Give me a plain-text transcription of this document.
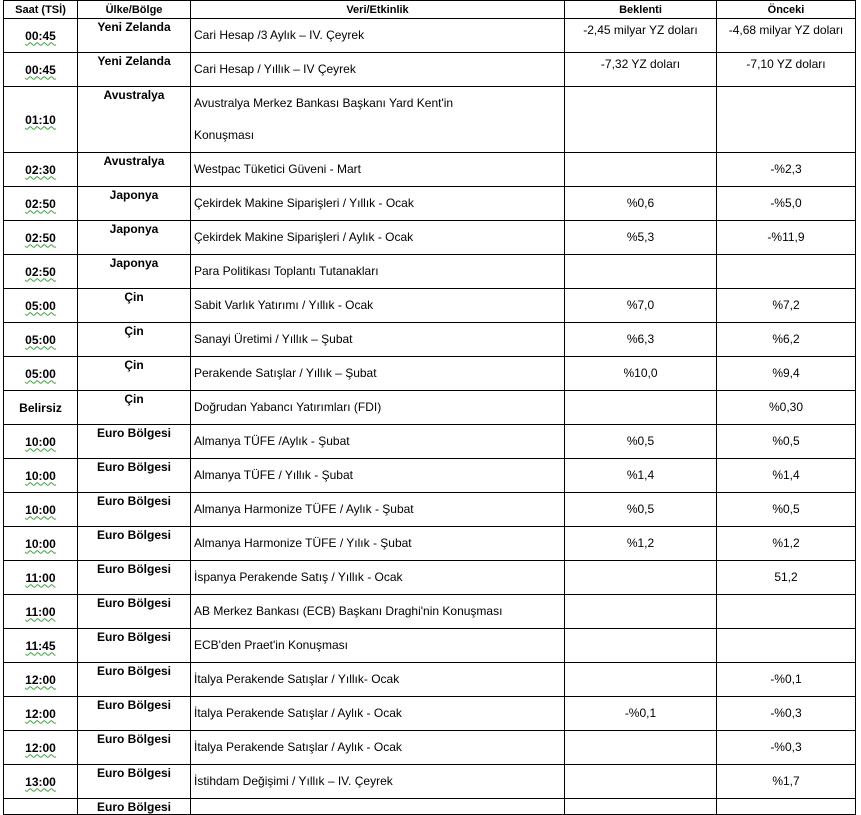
Saat (TSİ)	Ülke/Bölge	Veri/Etkinlik	Beklenti	Önceki
00:45	Yeni Zelanda	Cari Hesap /3 Aylık – IV. Çeyrek	-2,45 milyar YZ doları	-4,68 milyar YZ doları
00:45	Yeni Zelanda	Cari Hesap / Yıllık – IV Çeyrek	-7,32 YZ doları	-7,10 YZ doları
01:10	Avustralya	Avustralya Merkez Bankası Başkanı Yard Kent'in
Konuşması		

02:30	Avustralya	Westpac Tüketici Güveni - Mart		-%2,3
02:50	Japonya	Çekirdek Makine Siparişleri / Yıllık - Ocak	%0,6	-%5,0
02:50	Japonya	Çekirdek Makine Siparişleri / Aylık - Ocak	%5,3	-%11,9
02:50	Japonya	Para Politikası Toplantı Tutanakları		

05:00	Çin	Sabit Varlık Yatırımı / Yıllık - Ocak	%7,0	%7,2
05:00	Çin	Sanayi Üretimi / Yıllık – Şubat	%6,3	%6,2
05:00	Çin	Perakende Satışlar / Yıllık – Şubat	%10,0	%9,4
Belirsiz	Çin	Doğrudan Yabancı Yatırımları (FDI)		%0,30
10:00	Euro Bölgesi	Almanya TÜFE /Aylık - Şubat	%0,5	%0,5
10:00	Euro Bölgesi	Almanya TÜFE / Yıllık - Şubat	%1,4	%1,4
10:00	Euro Bölgesi	Almanya Harmonize TÜFE / Aylık - Şubat	%0,5	%0,5
10:00	Euro Bölgesi	Almanya Harmonize TÜFE / Yılık - Şubat	%1,2	%1,2
11:00	Euro Bölgesi	İspanya Perakende Satış / Yıllık - Ocak		51,2
11:00	Euro Bölgesi	AB Merkez Bankası (ECB) Başkanı Draghi'nin Konuşması		

11:45	Euro Bölgesi	ECB'den Praet'in Konuşması		

12:00	Euro Bölgesi	İtalya Perakende Satışlar / Yıllık- Ocak		-%0,1
12:00	Euro Bölgesi	İtalya Perakende Satışlar / Aylık - Ocak	-%0,1	-%0,3
12:00	Euro Bölgesi	İtalya Perakende Satışlar / Aylık - Ocak		-%0,3
13:00	Euro Bölgesi	İstihdam Değişimi / Yıllık – IV. Çeyrek		%1,7
	Euro Bölgesi	
